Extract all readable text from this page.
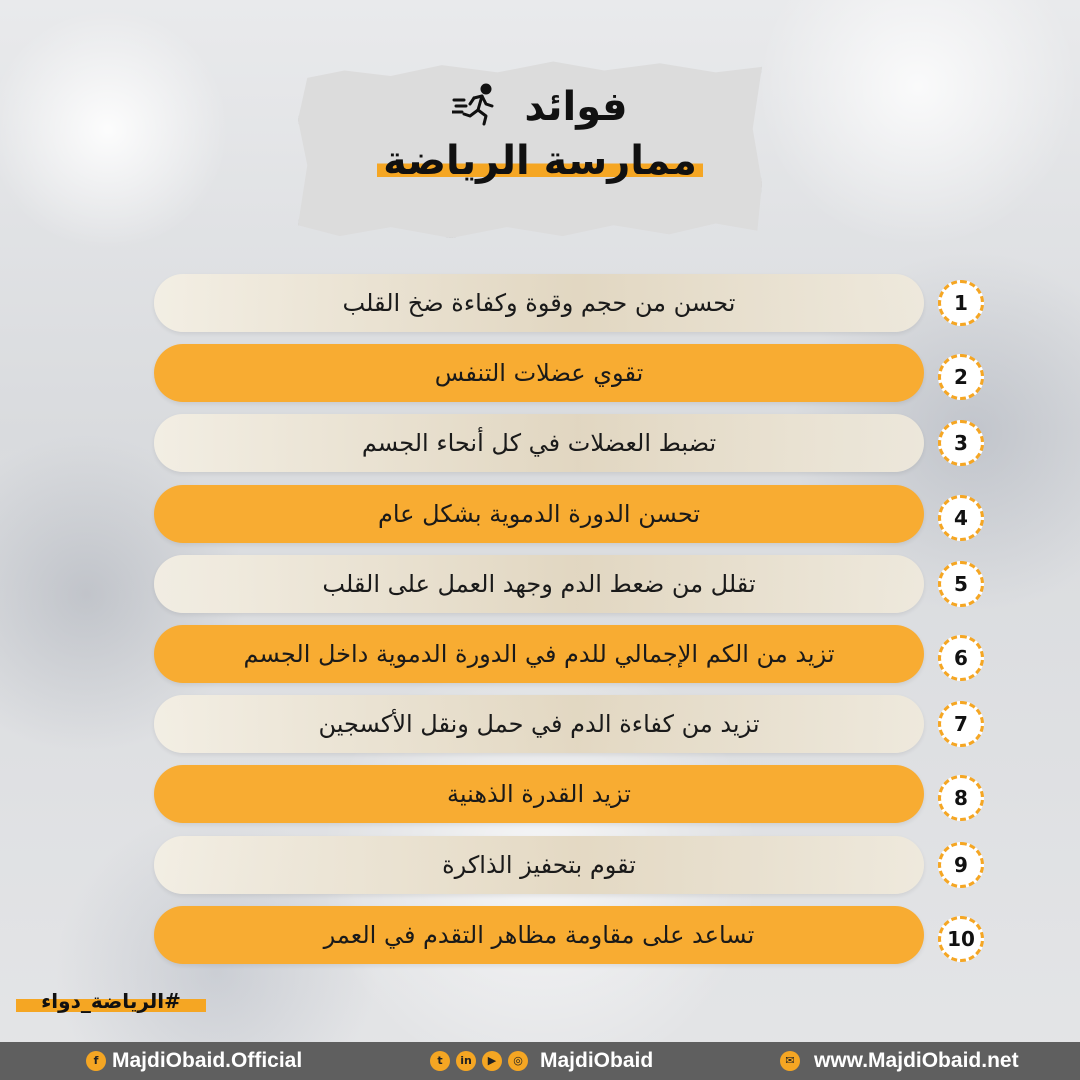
فوائد
ممارسة الرياضة
تحسن من حجم وقوة وكفاءة ضخ القلب	1
تقوي عضلات التنفس	2
تضبط العضلات في كل أنحاء الجسم	3
تحسن الدورة الدموية بشكل عام	4
تقلل من ضعط الدم وجهد العمل على القلب	5
تزيد من الكم الإجمالي للدم في الدورة الدموية داخل الجسم	6
تزيد من كفاءة الدم في حمل ونقل الأكسجين	7
تزيد القدرة الذهنية	8
تقوم بتحفيز الذاكرة	9
تساعد على مقاومة مظاهر التقدم في العمر	10
#الرياضة_دواء
f MajdiObaid.Official	t	in	▶	◎ MajdiObaid	✉ www.MajdiObaid.net
